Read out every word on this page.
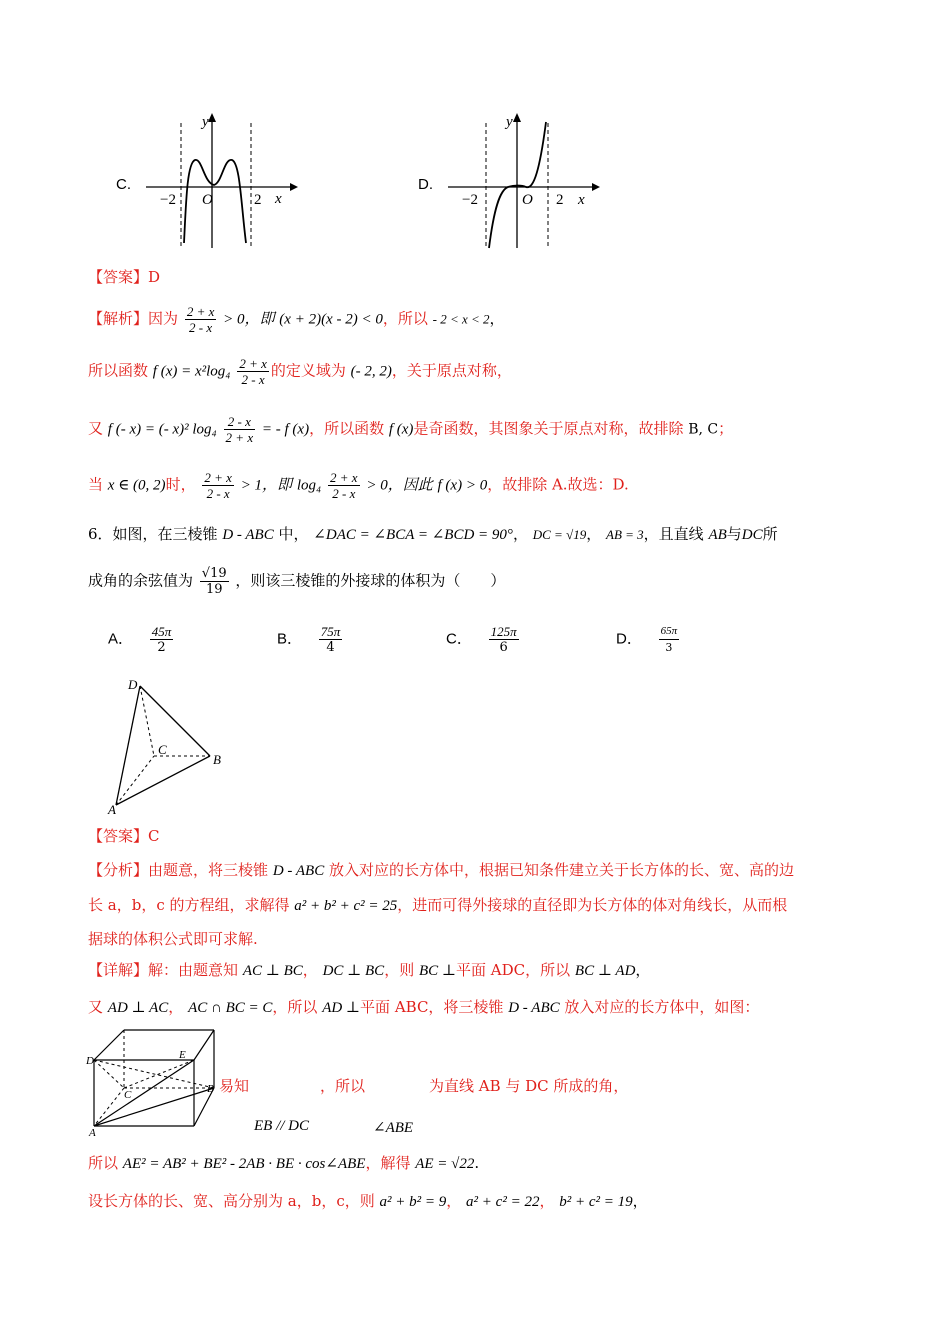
C.
y
x
O
−2	2
D.
y
x
O
−2	2
【答案】D
【解析】因为 $\frac{2 + x}{2 - x} > 0$，即 (x + 2)(x - 2) < 0，所以 - 2 < x < 2，
所以函数 f $(x) = x^2\log_4 \frac{2 + x}{2 - x}$ 的定义域为 (- 2, 2)，关于原点对称，
又 f (- x) = (- x)² $\log_4 \frac{2 - x}{2 + x}$ = - f (x)，所以函数 f (x)是奇函数，其图象关于原点对称，故排除 B, C；
当 x ∈ (0, 2)时， $\frac{2 + x}{2 - x} > 1$，即 $\log_4 \frac{2 + x}{2 - x} > 0$，因此 f (x) > 0，故排除 A.故选：D.
6．如图，在三棱锥 D - ABC 中， ∠DAC = ∠BCA = ∠BCD = 90°， DC = √19， AB = 3，且直线 AB与DC所
成角的余弦值为 $\frac{√19}{19}$ ，则该三棱锥的外接球的体积为（　　）
A． $\frac{45\pi}{2}$	B． $\frac{75\pi}{4}$	C． $\frac{125\pi}{6}$	D． $\frac{65\pi}{3}$
D
C
B
A
【答案】C
【分析】由题意，将三棱锥 D - ABC 放入对应的长方体中，根据已知条件建立关于长方体的长、宽、高的边
长 a，b，c 的方程组，求解得 a² + b² + c² = 25，进而可得外接球的直径即为长方体的体对角线长，从而根
据球的体积公式即可求解.
【详解】解：由题意知 AC ⊥ BC， DC ⊥ BC，则 BC ⊥平面 ADC，所以 BC ⊥ AD，
又 AD ⊥ AC， AC ∩ BC = C，所以 AD ⊥平面 ABC，将三棱锥 D - ABC 放入对应的长方体中，如图：
D	E
B
C
A
易知	，所以	为直线 AB 与 DC 所成的角，
EB // DC	∠ABE
所以 AE² = AB² + BE² - 2AB · BE · cos∠ABE，解得 AE = √22.
设长方体的长、宽、高分别为 a，b，c，则 a² + b² = 9， a² + c² = 22， b² + c² = 19，
